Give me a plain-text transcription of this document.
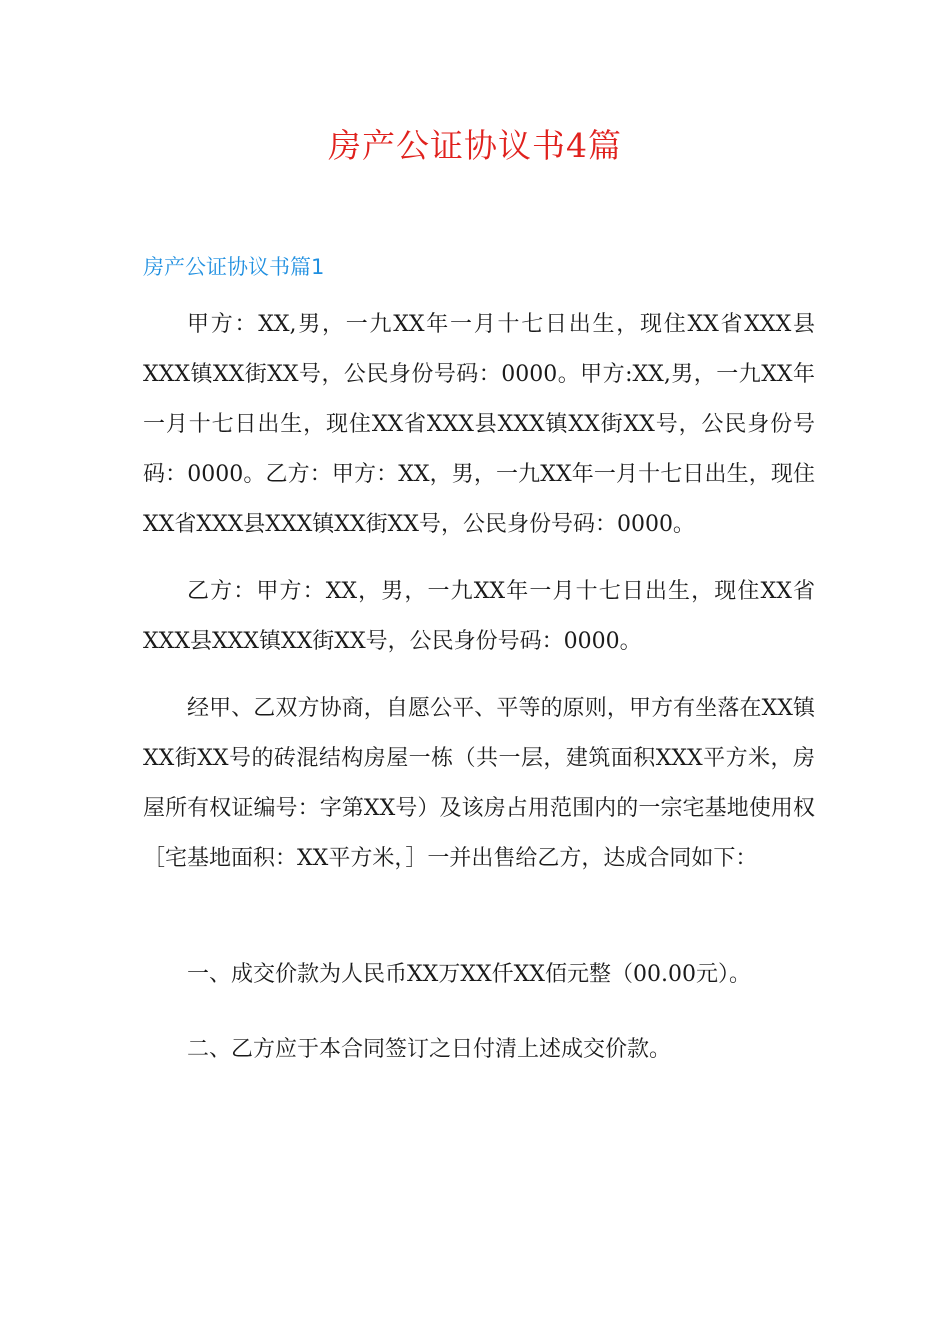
房产公证协议书4篇
房产公证协议书篇1

甲方：XX,男，一九XX年一月十七日出生，现住XX省XXX县XXX镇XX街XX号，公民身份号码：0000。甲方:XX,男，一九XX年一月十七日出生，现住XX省XXX县XXX镇XX街XX号，公民身份号码：0000。乙方：甲方：XX，男，一九XX年一月十七日出生，现住XX省XXX县XXX镇XX街XX号，公民身份号码：0000。

乙方：甲方：XX，男，一九XX年一月十七日出生，现住XX省XXX县XXX镇XX街XX号，公民身份号码：0000。

经甲、乙双方协商，自愿公平、平等的原则，甲方有坐落在XX镇XX街XX号的砖混结构房屋一栋（共一层，建筑面积XXX平方米，房屋所有权证编号：字第XX号）及该房占用范围内的一宗宅基地使用权［宅基地面积：XX平方米，］一并出售给乙方，达成合同如下：

一、成交价款为人民币XX万XX仟XX佰元整（00.00元）。

二、乙方应于本合同签订之日付清上述成交价款。
